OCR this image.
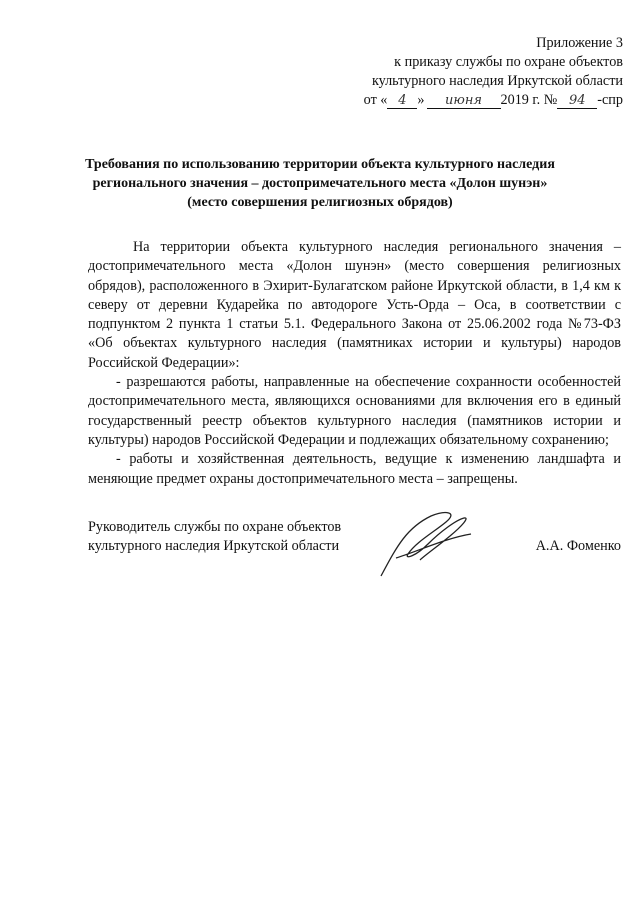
Приложение 3
к приказу службы по охране объектов
культурного наследия Иркутской области
от « 4 » июня 2019 г. № 94 -спр
Требования по использованию территории объекта культурного наследия
регионального значения – достопримечательного места «Долон шунэн»
(место совершения религиозных обрядов)

На территории объекта культурного наследия регионального значения – достопримечательного места «Долон шунэн» (место совершения религиозных обрядов), расположенного в Эхирит-Булагатском районе Иркутской области, в 1,4 км к северу от деревни Кударейка по автодороге Усть-Орда – Оса, в соответствии с подпунктом 2 пункта 1 статьи 5.1. Федерального Закона от 25.06.2002 года №73-ФЗ «Об объектах культурного наследия (памятниках истории и культуры) народов Российской Федерации»:

- разрешаются работы, направленные на обеспечение сохранности особенностей достопримечательного места, являющихся основаниями для включения его в единый государственный реестр объектов культурного наследия (памятников истории и культуры) народов Российской Федерации и подлежащих обязательному сохранению;

- работы и хозяйственная деятельность, ведущие к изменению ландшафта и меняющие предмет охраны достопримечательного места – запрещены.

Руководитель службы по охране объектов
культурного наследия Иркутской области	А.А. Фоменко
